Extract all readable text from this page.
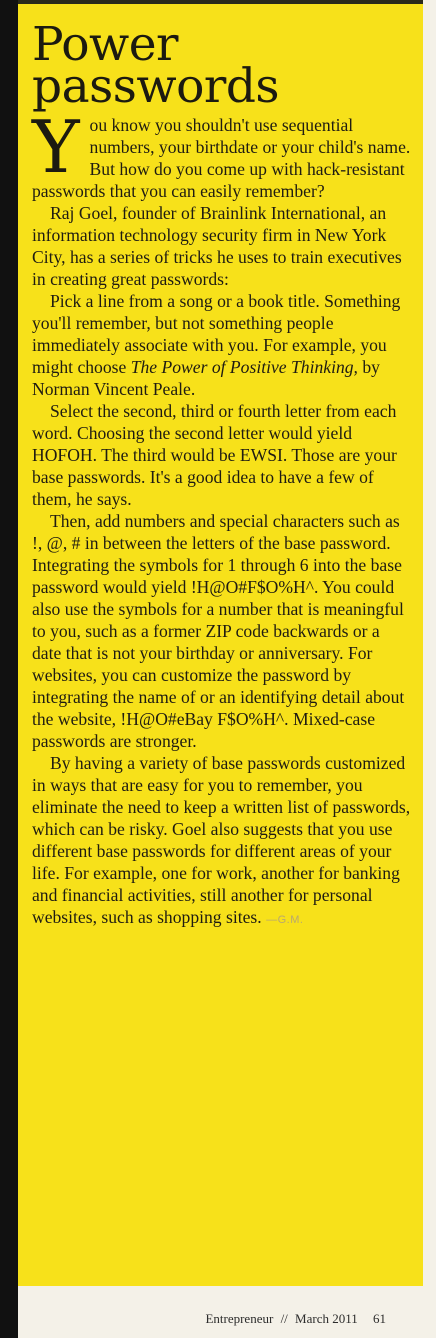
Power
passwords

You know you shouldn't use sequential numbers, your birthdate or your child's name. But how do you come up with hack-resistant passwords that you can easily remember?

Raj Goel, founder of Brainlink International, an information technology security firm in New York City, has a series of tricks he uses to train executives in creating great passwords:

Pick a line from a song or a book title. Something you'll remember, but not something people immediately associate with you. For example, you might choose The Power of Positive Thinking, by Norman Vincent Peale.

Select the second, third or fourth letter from each word. Choosing the second letter would yield HOFOH. The third would be EWSI. Those are your base passwords. It's a good idea to have a few of them, he says.

Then, add numbers and special characters such as !, @, # in between the letters of the base password. Integrating the symbols for 1 through 6 into the base password would yield !H@O#F$O%H^. You could also use the symbols for a number that is meaningful to you, such as a former ZIP code backwards or a date that is not your birthday or anniversary. For websites, you can customize the password by integrating the name of or an identifying detail about the website, !H@O#eBay F$O%H^. Mixed-case passwords are stronger.

By having a variety of base passwords customized in ways that are easy for you to remember, you eliminate the need to keep a written list of passwords, which can be risky. Goel also suggests that you use different base passwords for different areas of your life. For example, one for work, another for banking and financial activities, still another for personal websites, such as shopping sites. —G.M.

Entrepreneur // March 2011 61
